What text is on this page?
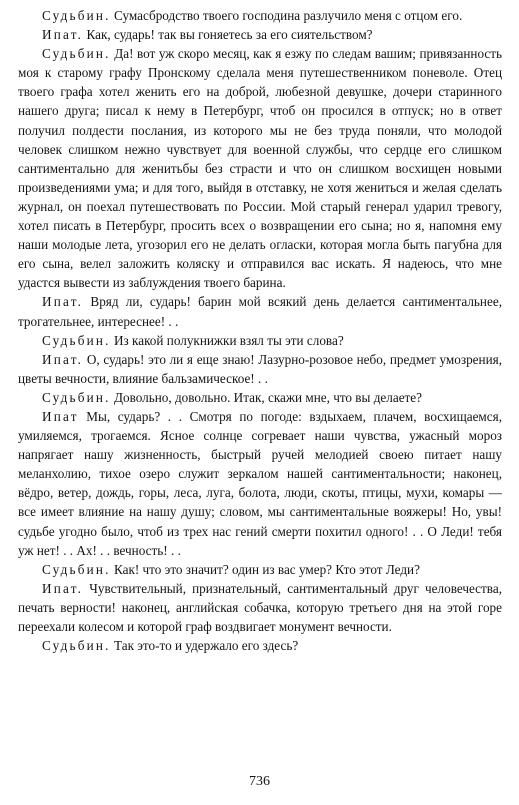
Судьбин. Сумасбродство твоего господина разлучило меня с отцом его.

Ипат. Как, сударь! так вы гоняетесь за его сиятельством?

Судьбин. Да! вот уж скоро месяц, как я езжу по следам вашим; привязанность моя к старому графу Пронскому сделала меня путешественником поневоле. Отец твоего графа хотел женить его на доброй, любезной девушке, дочери старинного нашего друга; писал к нему в Петербург, чтоб он просился в отпуск; но в ответ получил полдести послания, из которого мы не без труда поняли, что молодой человек слишком нежно чувствует для военной службы, что сердце его слишком сантиментально для женитьбы без страсти и что он слишком восхищен новыми произведениями ума; и для того, выйдя в отставку, не хотя жениться и желая сделать журнал, он поехал путешествовать по России. Мой старый генерал ударил тревогу, хотел писать в Петербург, просить всех о возвращении его сына; но я, напомня ему наши молодые лета, угозорил его не делать огласки, которая могла быть пагубна для его сына, велел заложить коляску и отправился вас искать. Я надеюсь, что мне удастся вывести из заблуждения твоего барина.

Ипат. Вряд ли, сударь! барин мой всякий день делается сантиментальнее, трогательнее, интереснее! . .

Судьбин. Из какой полукнижки взял ты эти слова?

Ипат. О, сударь! это ли я еще знаю! Лазурно-розовое небо, предмет умозрения, цветы вечности, влияние бальзамическое! . .

Судьбин. Довольно, довольно. Итак, скажи мне, что вы делаете?

Ипат Мы, сударь? . . Смотря по погоде: вздыхаем, плачем, восхищаемся, умиляемся, трогаемся. Ясное солнце согревает наши чувства, ужасный мороз напрягает нашу жизненность, быстрый ручей мелодией своею питает нашу меланхолию, тихое озеро служит зеркалом нашей сантиментальности; наконец, вёдро, ветер, дождь, горы, леса, луга, болота, люди, скоты, птицы, мухи, комары — все имеет влияние на нашу душу; словом, мы сантиментальные вояжеры! Но, увы! судьбе угодно было, чтоб из трех нас гений смерти похитил одного! . . О Леди! тебя уж нет! . . Ах! . . вечность! . .

Судьбин. Как! что это значит? один из вас умер? Кто этот Леди?

Ипат. Чувствительный, признательный, сантиментальный друг человечества, печать верности! наконец, английская собачка, которую третьего дня на этой горе переехали колесом и которой граф воздвигает монумент вечности.

Судьбин. Так это-то и удержало его здесь?

736
